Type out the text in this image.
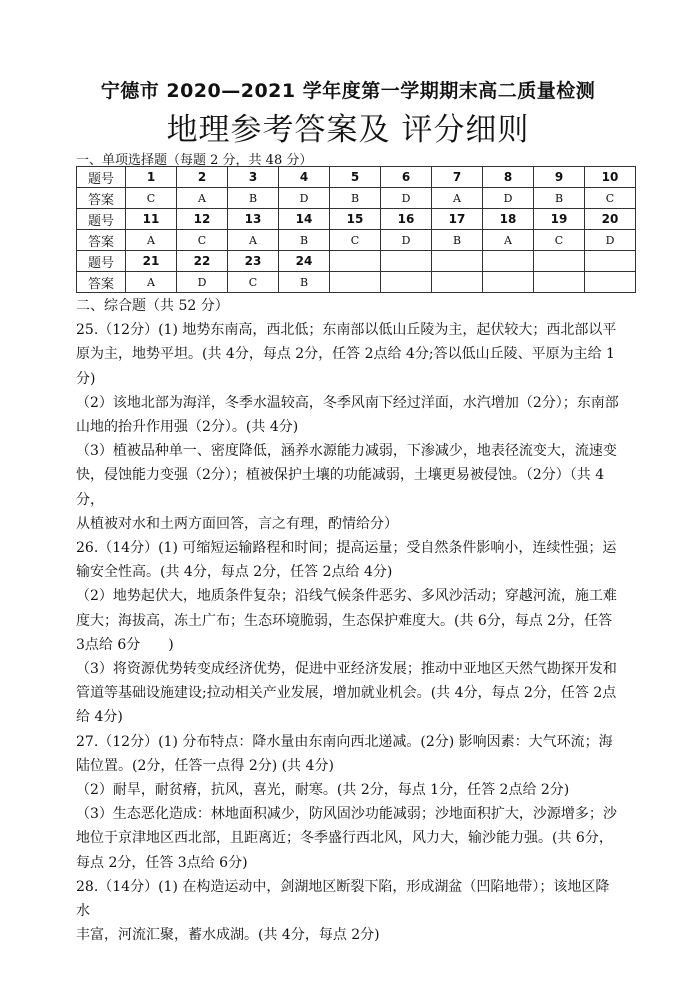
宁德市 2020—2021 学年度第一学期期末高二质量检测
地理参考答案及 评分细则
一、单项选择题（每题 2 分，共 48 分）
题号	1	2	3	4	5	6	7	8	9	10
答案	C	A	B	D	B	D	A	D	B	C
题号	11	12	13	14	15	16	17	18	19	20
答案	A	C	A	B	C	D	B	A	C	D
题号	21	22	23	24						
答案	A	D	C	B						

二、综合题（共 52 分）

25.（12分）(1) 地势东南高，西北低；东南部以低山丘陵为主，起伏较大；西北部以平

原为主，地势平坦。(共 4分，每点 2分，任答 2点给 4分;答以低山丘陵、平原为主给 1

分)

（2）该地北部为海洋，冬季水温较高，冬季风南下经过洋面，水汽增加（2分）；东南部

山地的抬升作用强（2分）。(共 4分)

（3）植被品种单一、密度降低，涵养水源能力减弱，下渗减少，地表径流变大，流速变

快，侵蚀能力变强（2分）；植被保护土壤的功能减弱，土壤更易被侵蚀。（2分）（共 4分，

从植被对水和土两方面回答，言之有理，酌情给分）

26.（14分）(1) 可缩短运输路程和时间；提高运量；受自然条件影响小，连续性强；运

输安全性高。(共 4分，每点 2分，任答 2点给 4分)

（2）地势起伏大，地质条件复杂；沿线气候条件恶劣、多风沙活动；穿越河流，施工难

度大；海拔高，冻土广布；生态环境脆弱，生态保护难度大。(共 6分，每点 2分，任答

3点给 6分　　)

（3）将资源优势转变成经济优势，促进中亚经济发展；推动中亚地区天然气勘探开发和

管道等基础设施建设;拉动相关产业发展，增加就业机会。(共 4分，每点 2分，任答 2点

给 4分)

27.（12分）(1) 分布特点：降水量由东南向西北递减。(2分) 影响因素：大气环流；海

陆位置。(2分，任答一点得 2分) (共 4分)

（2）耐旱，耐贫瘠，抗风，喜光，耐寒。(共 2分，每点 1分，任答 2点给 2分)

（3）生态恶化造成：林地面积减少，防风固沙功能减弱；沙地面积扩大，沙源增多；沙

地位于京津地区西北部，且距离近；冬季盛行西北风，风力大，输沙能力强。(共 6分，

每点 2分，任答 3点给 6分)

28.（14分）(1) 在构造运动中，剑湖地区断裂下陷，形成湖盆（凹陷地带）；该地区降水

丰富，河流汇聚，蓄水成湖。(共 4分，每点 2分)
